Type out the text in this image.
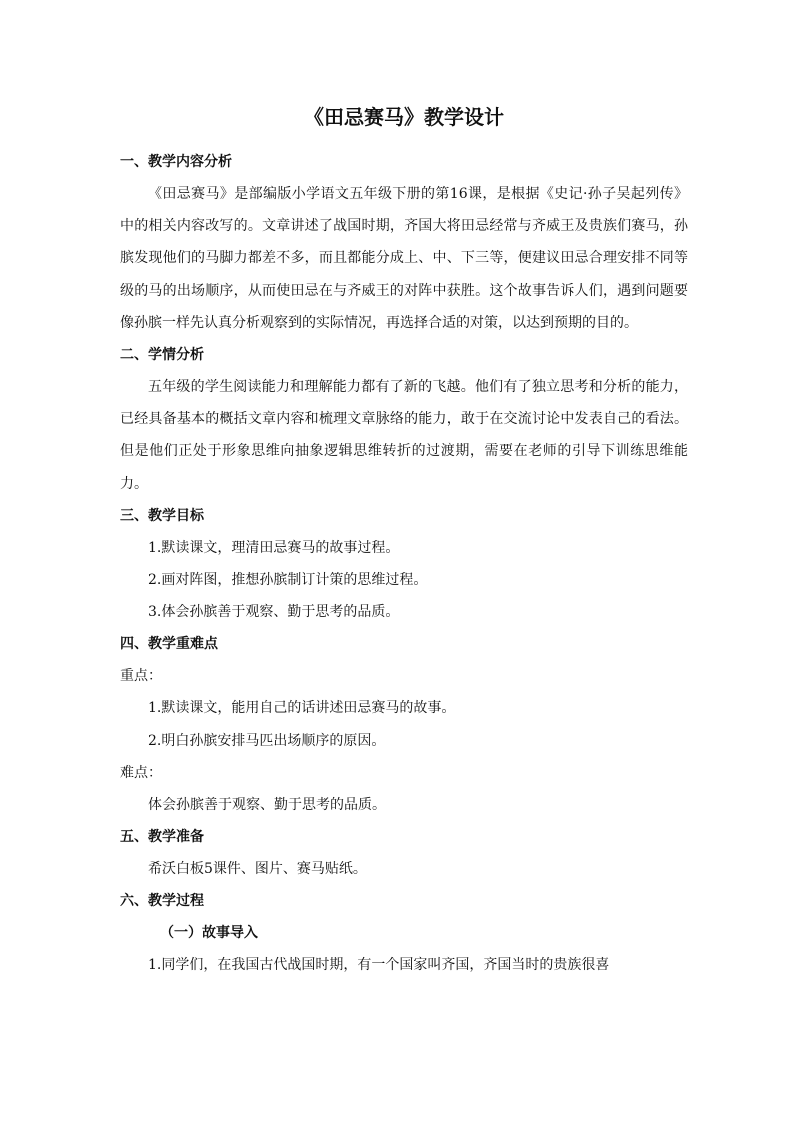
《田忌赛马》教学设计
一、教学内容分析

《田忌赛马》是部编版小学语文五年级下册的第16课，是根据《史记·孙子吴起列传》中的相关内容改写的。文章讲述了战国时期，齐国大将田忌经常与齐威王及贵族们赛马，孙膑发现他们的马脚力都差不多，而且都能分成上、中、下三等，便建议田忌合理安排不同等级的马的出场顺序，从而使田忌在与齐威王的对阵中获胜。这个故事告诉人们，遇到问题要像孙膑一样先认真分析观察到的实际情况，再选择合适的对策，以达到预期的目的。

二、学情分析

五年级的学生阅读能力和理解能力都有了新的飞越。他们有了独立思考和分析的能力，已经具备基本的概括文章内容和梳理文章脉络的能力，敢于在交流讨论中发表自己的看法。但是他们正处于形象思维向抽象逻辑思维转折的过渡期，需要在老师的引导下训练思维能力。

三、教学目标

1.默读课文，理清田忌赛马的故事过程。

2.画对阵图，推想孙膑制订计策的思维过程。

3.体会孙膑善于观察、勤于思考的品质。

四、教学重难点

重点：

1.默读课文，能用自己的话讲述田忌赛马的故事。

2.明白孙膑安排马匹出场顺序的原因。

难点：

体会孙膑善于观察、勤于思考的品质。

五、教学准备

希沃白板5课件、图片、赛马贴纸。

六、教学过程
（一）故事导入

1.同学们，在我国古代战国时期，有一个国家叫齐国，齐国当时的贵族很喜
